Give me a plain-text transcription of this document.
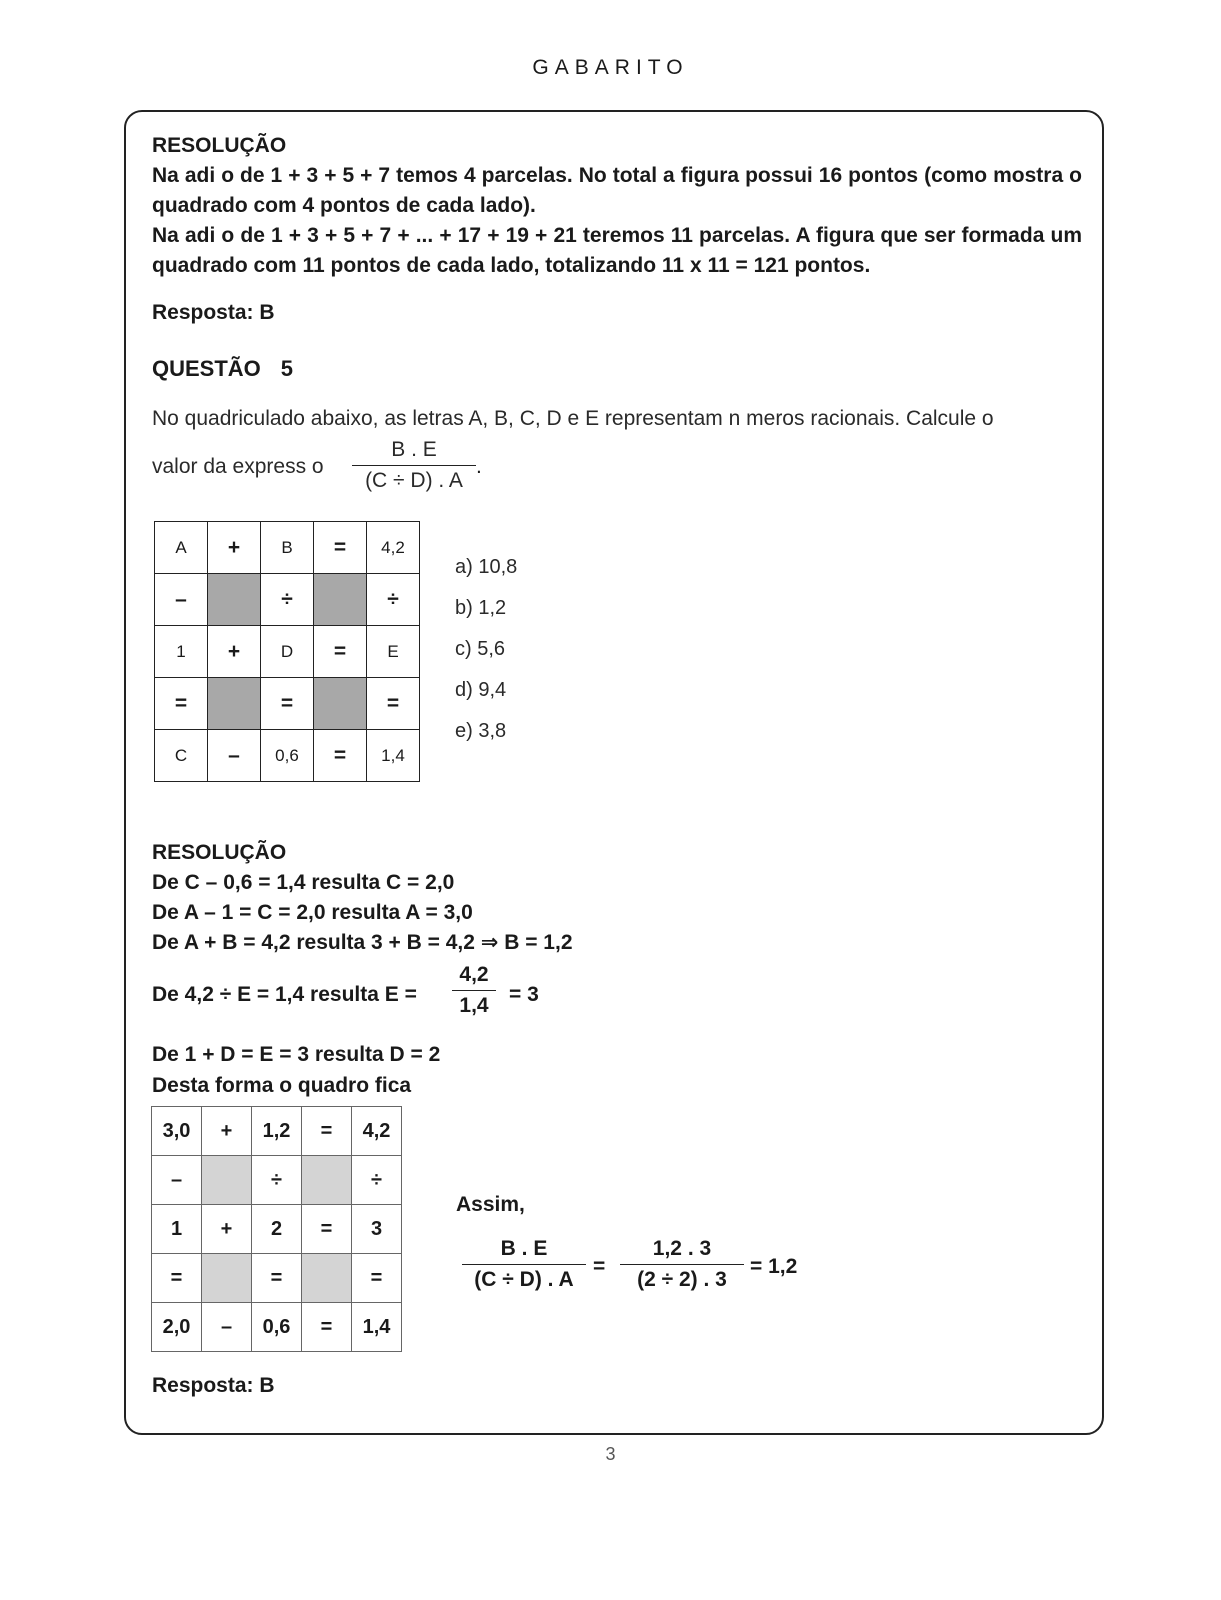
GABARITO
RESOLUÇÃO
Na adi o de 1 + 3 + 5 + 7 temos 4 parcelas. No total a figura possui 16 pontos (como mostra o quadrado com 4 pontos de cada lado).
Na adi o de 1 + 3 + 5 + 7 + ... + 17 + 19 + 21 teremos 11 parcelas. A figura que ser formada um quadrado com 11 pontos de cada lado, totalizando 11 x 11 = 121 pontos.
Resposta: B
QUESTÃO 5
No quadriculado abaixo, as letras A, B, C, D e E representam n meros racionais. Calcule o
valor da express o
B . E
(C ÷ D) . A
.
A	+	B	=	4,2
–		÷		÷
1	+	D	=	E
=		=		=
C	–	0,6	=	1,4
a) 10,8
b) 1,2
c) 5,6
d) 9,4
e) 3,8
RESOLUÇÃO
De C – 0,6 = 1,4 resulta C = 2,0
De A – 1 = C = 2,0 resulta A = 3,0
De A + B = 4,2 resulta 3 + B = 4,2 ⇒ B = 1,2
De 4,2 ÷ E = 1,4 resulta E =
4,2
1,4 = 3
De 1 + D = E = 3 resulta D = 2
Desta forma o quadro fica
3,0	+	1,2	=	4,2
–		÷		÷
1	+	2	=	3
=		=		=
2,0	–	0,6	=	1,4
Assim,
B . E
(C ÷ D) . A
=
1,2 . 3
(2 ÷ 2) . 3
= 1,2
Resposta: B
3
